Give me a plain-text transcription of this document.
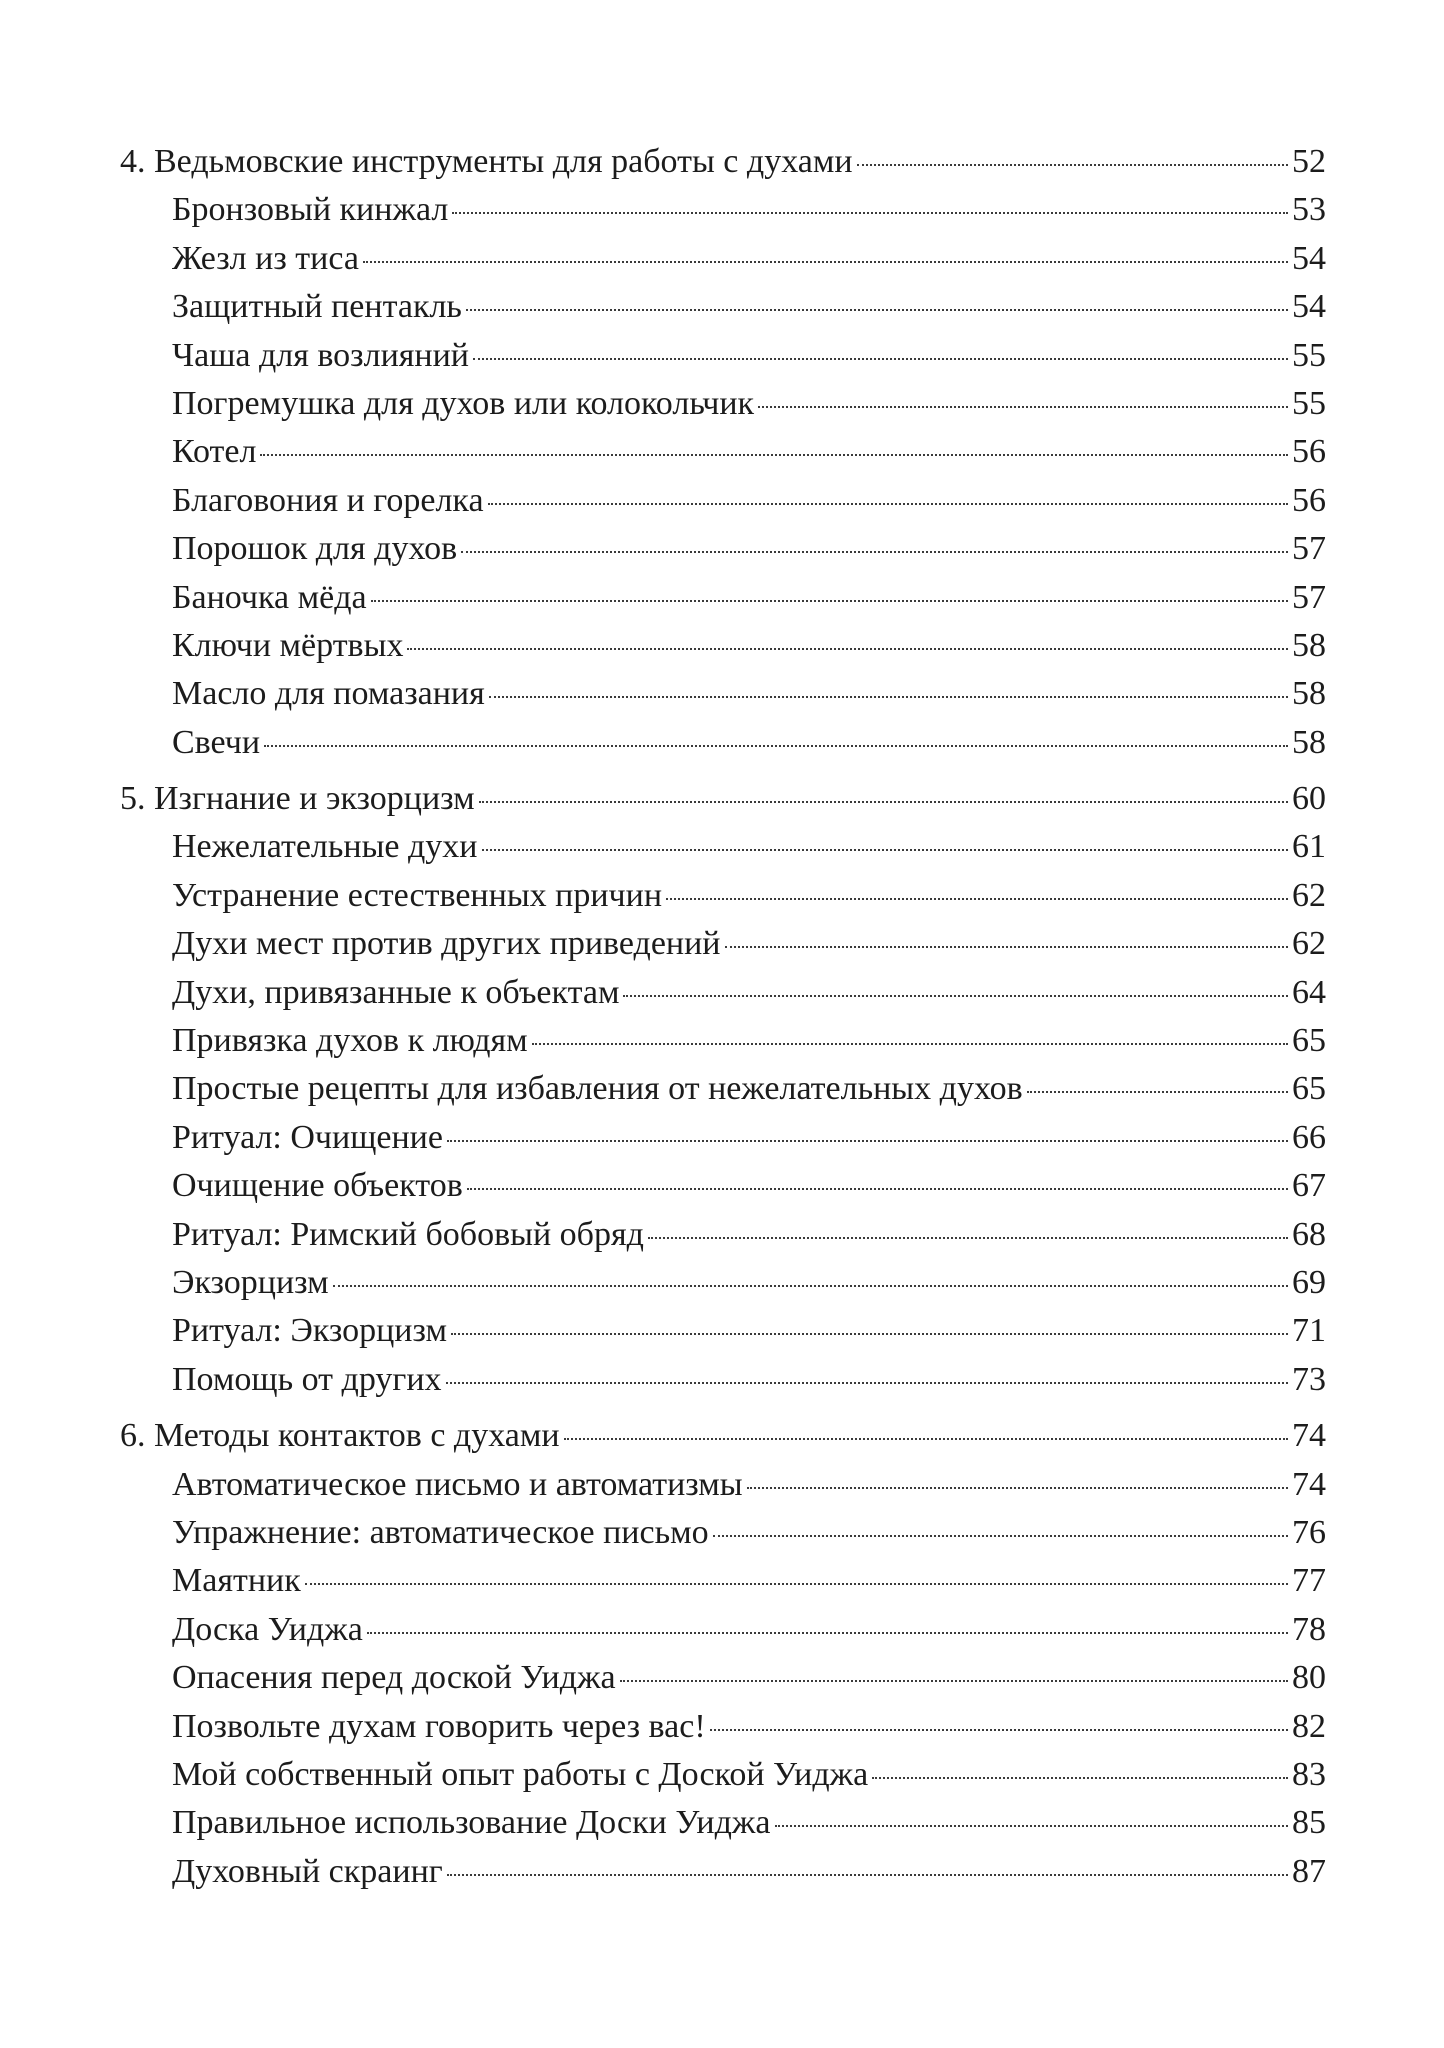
4. Ведьмовские инструменты для работы с духами	52
Бронзовый кинжал	53
Жезл из тиса	54
Защитный пентакль	54
Чаша для возлияний	55
Погремушка для духов или колокольчик	55
Котел	56
Благовония и горелка	56
Порошок для духов	57
Баночка мёда	57
Ключи мёртвых	58
Масло для помазания	58
Свечи	58
5. Изгнание и экзорцизм	60
Нежелательные духи	61
Устранение естественных причин	62
Духи мест против других приведений	62
Духи, привязанные к объектам	64
Привязка духов к людям	65
Простые рецепты для избавления от нежелательных духов	65
Ритуал: Очищение	66
Очищение объектов	67
Ритуал: Римский бобовый обряд	68
Экзорцизм	69
Ритуал: Экзорцизм	71
Помощь от других	73
6. Методы контактов с духами	74
Автоматическое письмо и автоматизмы	74
Упражнение: автоматическое письмо	76
Маятник	77
Доска Уиджа	78
Опасения перед доской Уиджа	80
Позвольте духам говорить через вас!	82
Мой собственный опыт работы с Доской Уиджа	83
Правильное использование Доски Уиджа	85
Духовный скраинг	87
